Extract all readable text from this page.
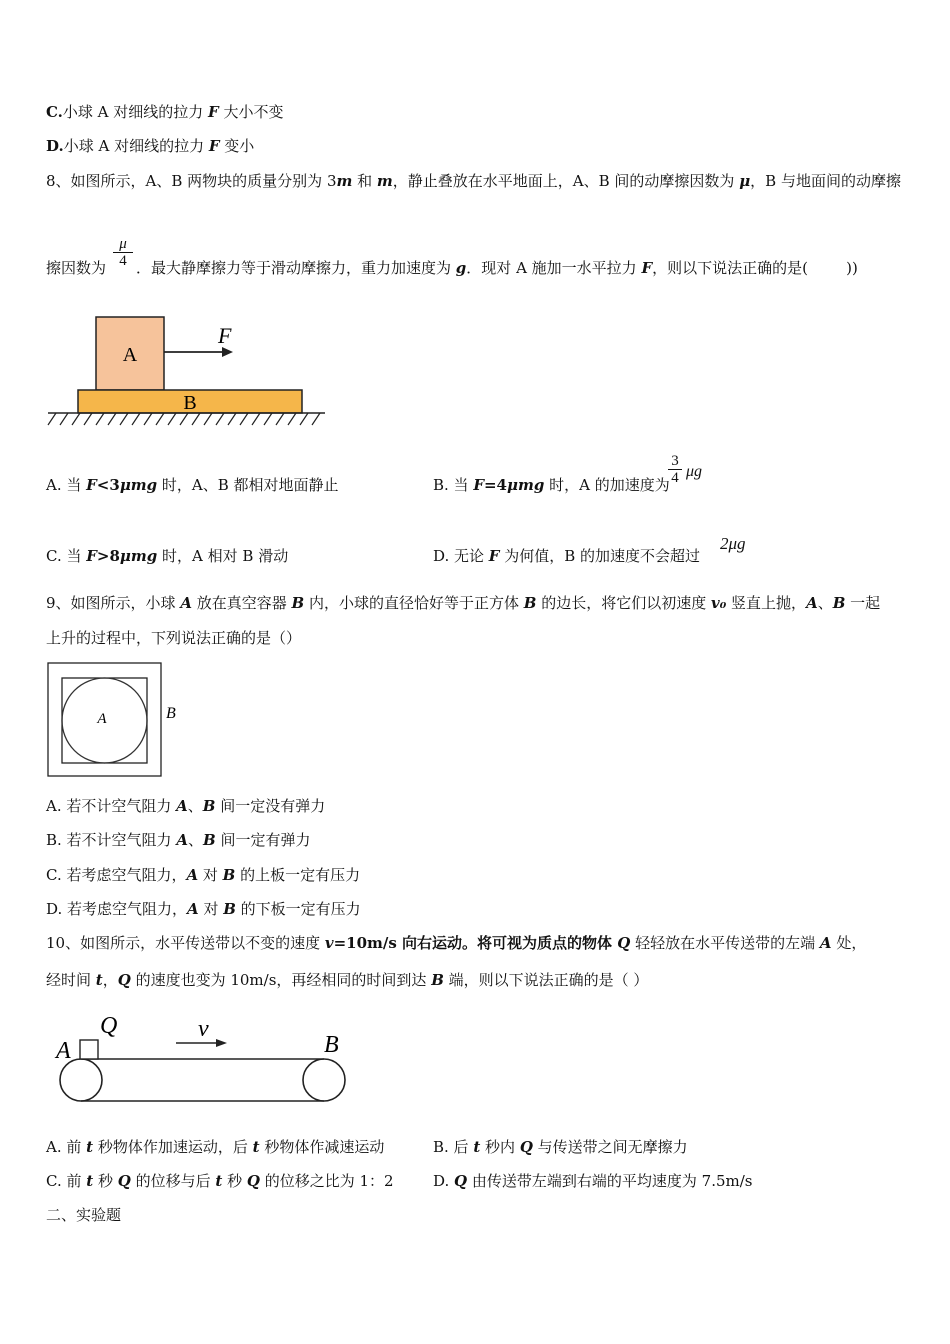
C.小球 A 对细线的拉力 F 大小不变
D.小球 A 对细线的拉力 F 变小
8、如图所示，A、B 两物块的质量分别为 3m 和 m，静止叠放在水平地面上，A、B 间的动摩擦因数为 μ，B 与地面间的动摩擦
μ
4
擦因数为 ．最大静摩擦力等于滑动摩擦力，重力加速度为 g．现对 A 施加一水平拉力 F，则以下说法正确的是(        ))
A
F
B
A. 当 F<3μmg 时，A、B 都相对地面静止	B. 当 F=4μmg 时，A 的加速度为
3
4 μg
C. 当 F>8μmg 时，A 相对 B 滑动	D. 无论 F 为何值，B 的加速度不会超过
2μg
9、如图所示，小球 A 放在真空容器 B 内，小球的直径恰好等于正方体 B 的边长，将它们以初速度 v₀ 竖直上抛，A、B 一起
上升的过程中，下列说法正确的是（）
A	B
A. 若不计空气阻力 A、B 间一定没有弹力
B. 若不计空气阻力 A、B 间一定有弹力
C. 若考虑空气阻力，A 对 B 的上板一定有压力
D. 若考虑空气阻力，A 对 B 的下板一定有压力
10、如图所示，水平传送带以不变的速度 v=10m/s 向右运动。将可视为质点的物体 Q 轻轻放在水平传送带的左端 A 处，
经时间 t，Q 的速度也变为 10m/s，再经相同的时间到达 B 端，则以下说法正确的是（ ）
A
Q	v
B
A. 前 t 秒物体作加速运动，后 t 秒物体作减速运动	B. 后 t 秒内 Q 与传送带之间无摩擦力
C. 前 t 秒 Q 的位移与后 t 秒 Q 的位移之比为 1：2	D. Q 由传送带左端到右端的平均速度为 7.5m/s
二、实验题
